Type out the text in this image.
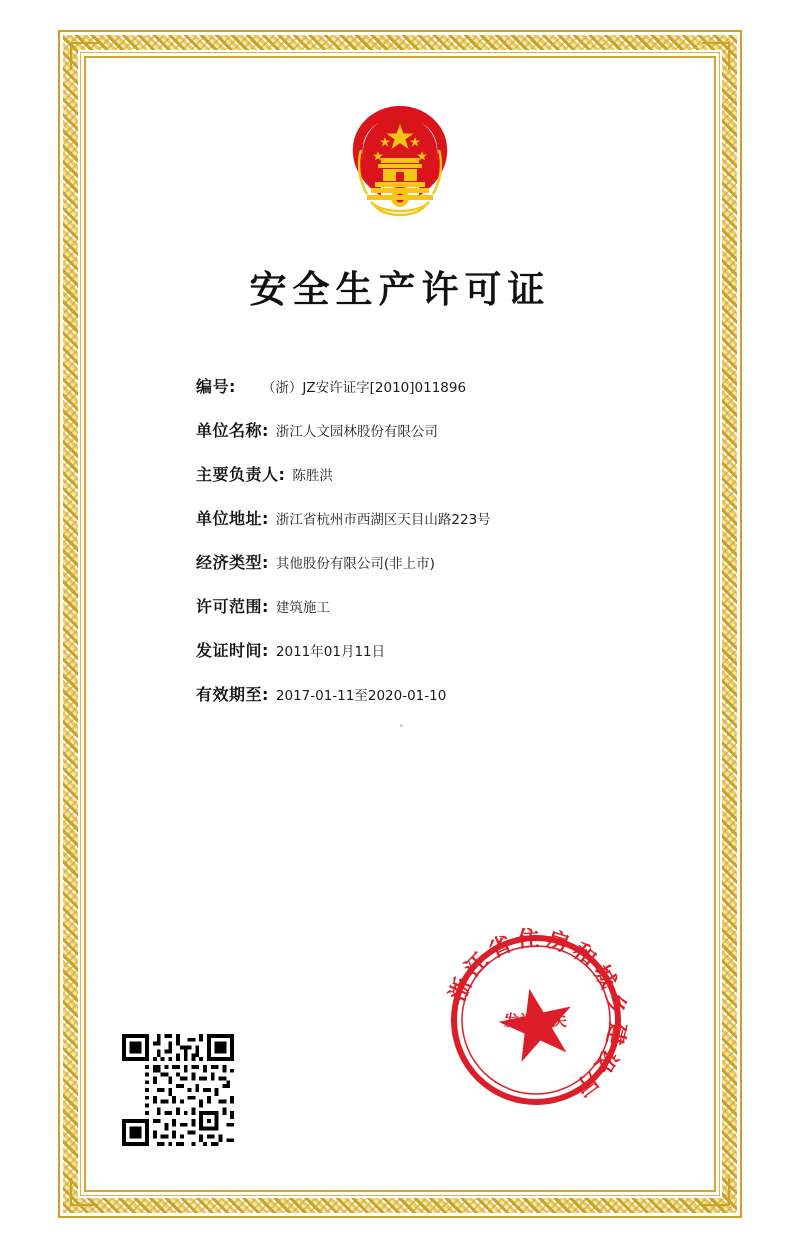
安全生产许可证
编号: （浙）JZ安许证字[2010]011896
单位名称: 浙江人文园林股份有限公司
主要负责人: 陈胜洪
单位地址: 浙江省杭州市西湖区天目山路223号
经济类型: 其他股份有限公司(非上市)
许可范围: 建筑施工
发证时间: 2011年01月11日
有效期至: 2017-01-11至2020-01-10
浙江省住房和城乡建设厅
发证机关
